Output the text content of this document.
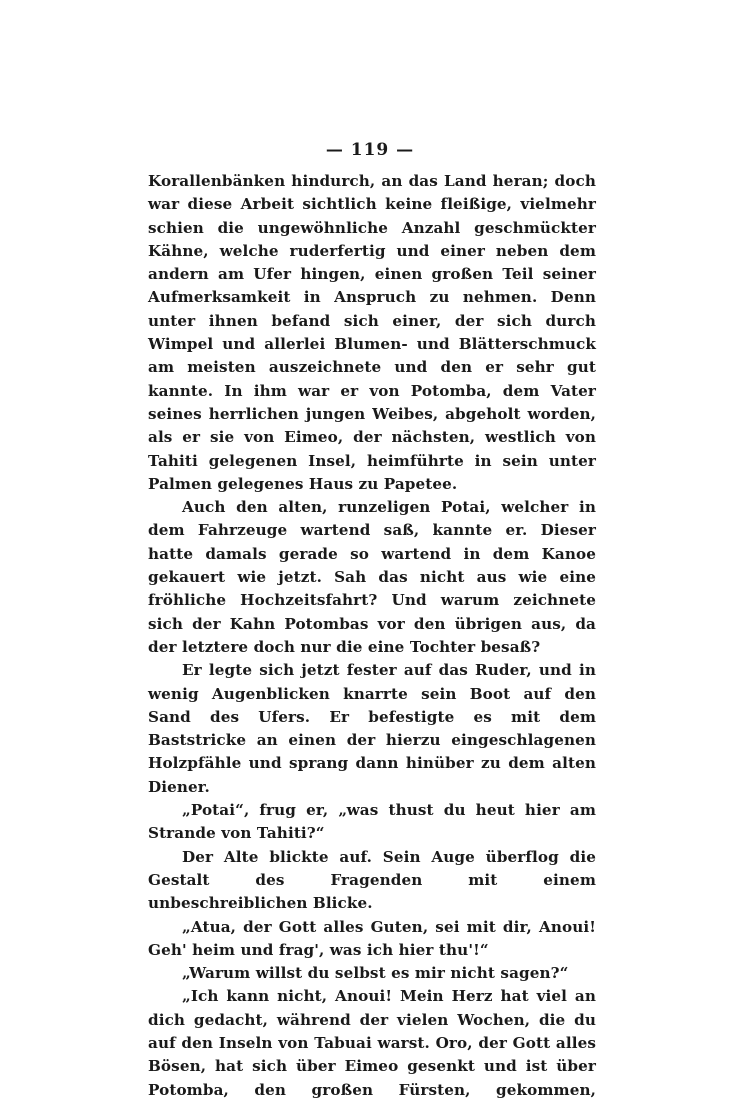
— 119 —

Korallenbänken hindurch, an das Land heran; doch war diese Arbeit sichtlich keine fleißige, vielmehr schien die ungewöhnliche Anzahl geschmückter Kähne, welche ruderfertig und einer neben dem andern am Ufer hingen, einen großen Teil seiner Aufmerksamkeit in Anspruch zu nehmen. Denn unter ihnen befand sich einer, der sich durch Wimpel und allerlei Blumen- und Blätterschmuck am meisten auszeichnete und den er sehr gut kannte. In ihm war er von Potomba, dem Vater seines herrlichen jungen Weibes, abgeholt worden, als er sie von Eimeo, der nächsten, westlich von Tahiti gelegenen Insel, heimführte in sein unter Palmen gelegenes Haus zu Papetee.

Auch den alten, runzeligen Potai, welcher in dem Fahrzeuge wartend saß, kannte er. Dieser hatte damals gerade so wartend in dem Kanoe gekauert wie jetzt. Sah das nicht aus wie eine fröhliche Hochzeitsfahrt? Und warum zeichnete sich der Kahn Potombas vor den übrigen aus, da der letztere doch nur die eine Tochter besaß?

Er legte sich jetzt fester auf das Ruder, und in wenig Augenblicken knarrte sein Boot auf den Sand des Ufers. Er befestigte es mit dem Baststricke an einen der hierzu eingeschlagenen Holzpfähle und sprang dann hinüber zu dem alten Diener.

„Potai“, frug er, „was thust du heut hier am Strande von Tahiti?“

Der Alte blickte auf. Sein Auge überflog die Gestalt des Fragenden mit einem unbeschreiblichen Blicke.

„Atua, der Gott alles Guten, sei mit dir, Anoui! Geh' heim und frag', was ich hier thu'!“

„Warum willst du selbst es mir nicht sagen?“

„Ich kann nicht, Anoui! Mein Herz hat viel an dich gedacht, während der vielen Wochen, die du auf den Inseln von Tabuai warst. Oro, der Gott alles Bösen, hat sich über Eimeo gesenkt und ist über Potomba, den großen Fürsten, gekommen,
